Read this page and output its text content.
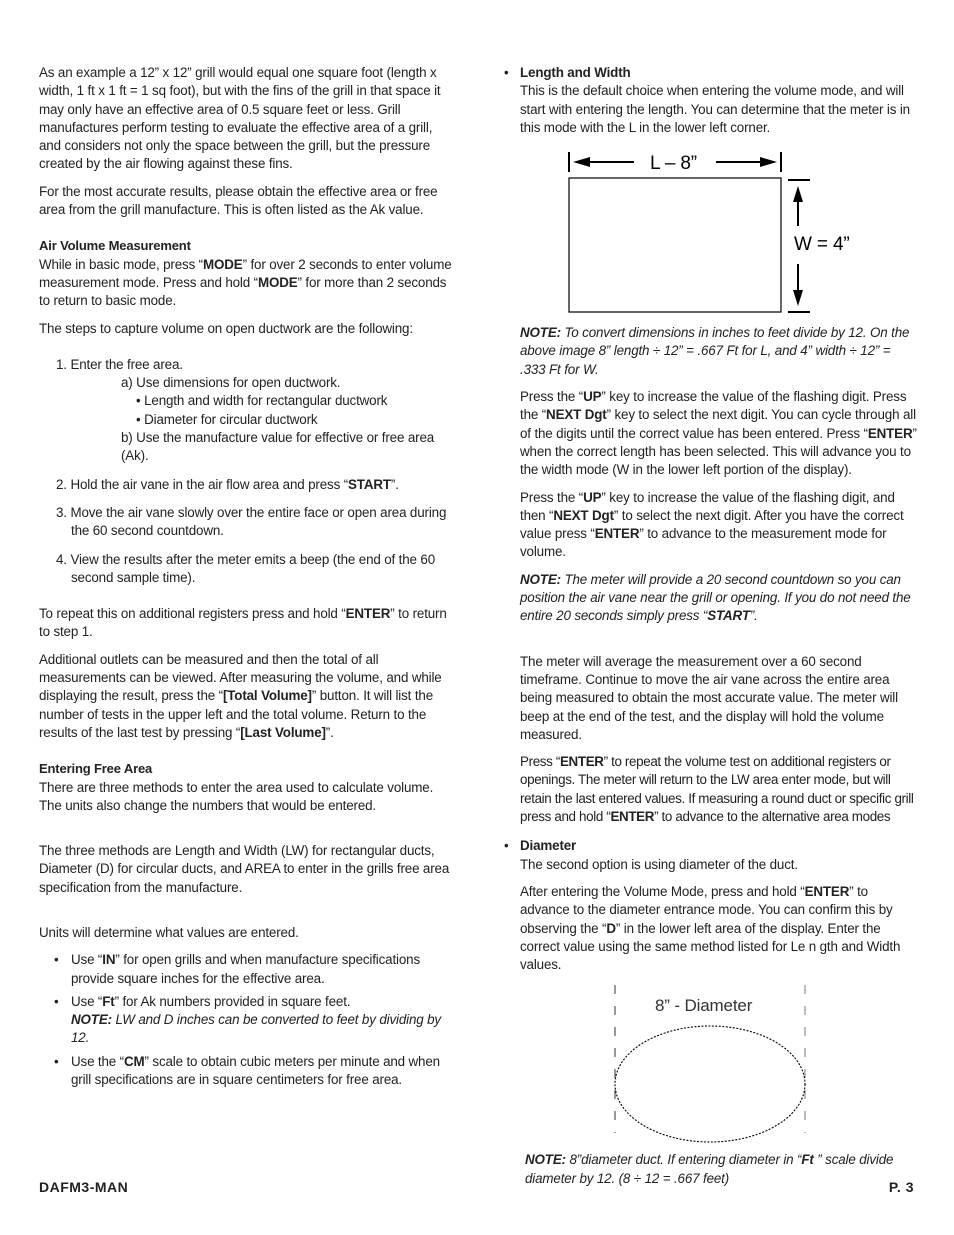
As an example a 12” x 12” grill would equal one square foot (length x width, 1 ft x 1 ft = 1 sq foot), but with the fins of the grill in that space it may only have an effective area of 0.5 square feet or less. Grill manufactures perform testing to evaluate the effective area of a grill, and considers not only the space between the grill, but the pressure created by the air flowing against these fins.

For the most accurate results, please obtain the effective area or free area from the grill manufacture. This is often listed as the Ak value.

Air Volume Measurement

While in basic mode, press “MODE” for over 2 seconds to enter volume measurement mode. Press and hold “MODE” for more than 2 seconds to return to basic mode.

The steps to capture volume on open ductwork are the following:

1. Enter the free area.
a) Use dimensions for open ductwork.
• Length and width for rectangular ductwork
• Diameter for circular ductwork
b) Use the manufacture value for effective or free area (Ak).
2. Hold the air vane in the air flow area and press “START”.
3. Move the air vane slowly over the entire face or open area during the 60 second countdown.
4. View the results after the meter emits a beep (the end of the 60 second sample time).

To repeat this on additional registers press and hold “ENTER” to return to step 1.

Additional outlets can be measured and then the total of all measurements can be viewed. After measuring the volume, and while displaying the result, press the “[Total Volume]” button. It will list the number of tests in the upper left and the total volume. Return to the results of the last test by pressing “[Last Volume]”.

Entering Free Area

There are three methods to enter the area used to calculate volume. The units also change the numbers that would be entered.

The three methods are Length and Width (LW) for rectangular ducts, Diameter (D) for circular ducts, and AREA to enter in the grills free area specification from the manufacture.

Units will determine what values are entered.

• Use “IN” for open grills and when manufacture specifications provide square inches for the effective area.
• Use “Ft” for Ak numbers provided in square feet.
NOTE: LW and D inches can be converted to feet by dividing by 12.
• Use the “CM” scale to obtain cubic meters per minute and when grill specifications are in square centimeters for free area.
• Length and Width

This is the default choice when entering the volume mode, and will start with entering the length. You can determine that the meter is in this mode with the L in the lower left corner.

L – 8”
W = 4”

NOTE: To convert dimensions in inches to feet divide by 12. On the above image 8” length ÷ 12” = .667 Ft for L, and 4” width ÷ 12” = .333 Ft for W.

Press the “UP” key to increase the value of the flashing digit. Press the “NEXT Dgt” key to select the next digit. You can cycle through all of the digits until the correct value has been entered. Press “ENTER” when the correct length has been selected. This will advance you to the width mode (W in the lower left portion of the display).

Press the “UP” key to increase the value of the flashing digit, and then “NEXT Dgt” to select the next digit. After you have the correct value press “ENTER” to advance to the measurement mode for volume.

NOTE: The meter will provide a 20 second countdown so you can position the air vane near the grill or opening. If you do not need the entire 20 seconds simply press “START”.

The meter will average the measurement over a 60 second timeframe. Continue to move the air vane across the entire area being measured to obtain the most accurate value. The meter will beep at the end of the test, and the display will hold the volume measured.

Press “ENTER” to repeat the volume test on additional registers or openings. The meter will return to the LW area enter mode, but will retain the last entered values. If measuring a round duct or specific grill press and hold “ENTER” to advance to the alternative area modes

• Diameter

The second option is using diameter of the duct.

After entering the Volume Mode, press and hold “ENTER” to advance to the diameter entrance mode. You can confirm this by observing the “D” in the lower left area of the display. Enter the correct value using the same method listed for Le n gth and Width values.

8” - Diameter

NOTE: 8”diameter duct. If entering diameter in “Ft ” scale divide diameter by 12. (8 ÷ 12 = .667 feet)

DAFM3-MAN	P. 3
